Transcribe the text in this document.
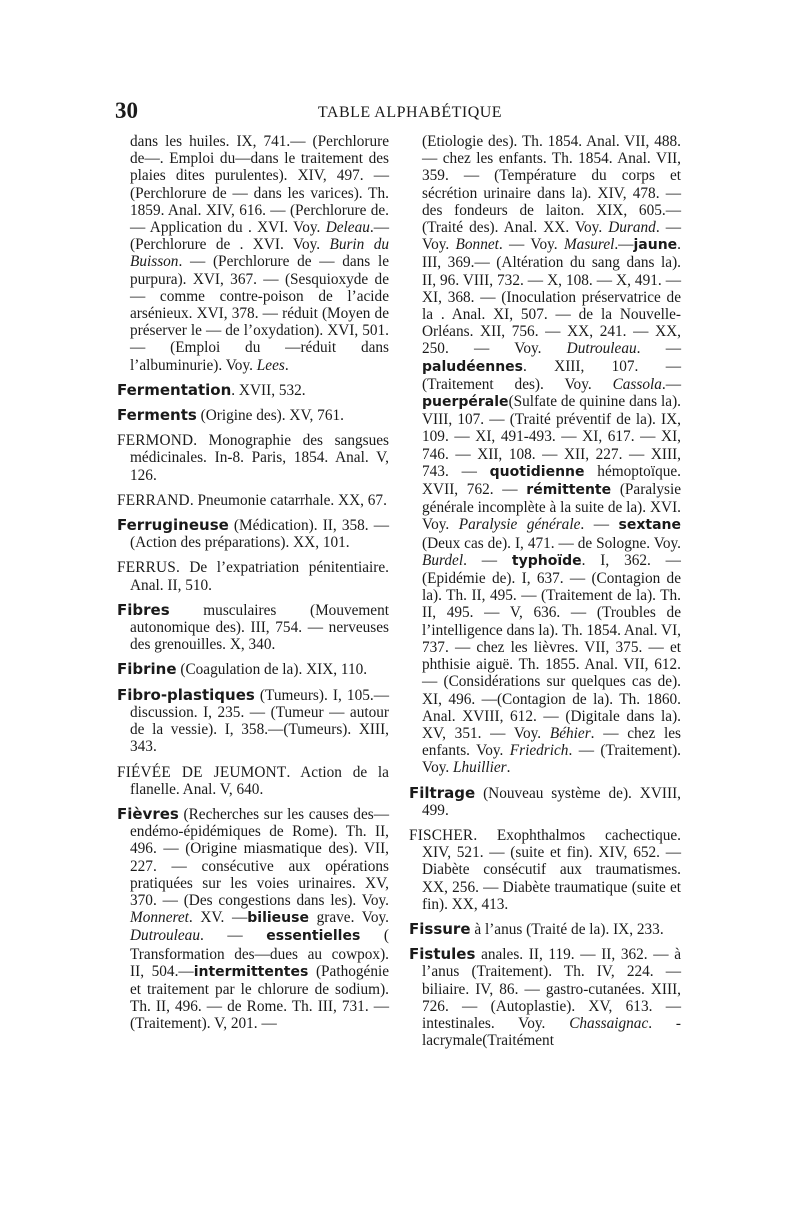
30	TABLE ALPHABÉTIQUE

dans les huiles. IX, 741.— (Perchlorure de—. Emploi du—dans le traitement des plaies dites purulentes). XIV, 497. — (Perchlorure de — dans les varices). Th. 1859. Anal. XIV, 616. — (Perchlorure de. — Application du . XVI. Voy. Deleau.—(Perchlorure de . XVI. Voy. Burin du Buisson. — (Perchlorure de — dans le purpura). XVI, 367. — (Sesquioxyde de — comme contre-poison de l’acide arsénieux. XVI, 378. — réduit (Moyen de préserver le — de l’oxydation). XVI, 501. — (Emploi du —réduit dans l’albuminurie). Voy. Lees.

Fermentation. XVII, 532.

Ferments (Origine des). XV, 761.

FERMOND. Monographie des sangsues médicinales. In-8. Paris, 1854. Anal. V, 126.

FERRAND. Pneumonie catarrhale. XX, 67.

Ferrugineuse (Médication). II, 358. —(Action des préparations). XX, 101.

FERRUS. De l’expatriation pénitentiaire. Anal. II, 510.

Fibres musculaires (Mouvement autonomique des). III, 754. — nerveuses des grenouilles. X, 340.

Fibrine (Coagulation de la). XIX, 110.

Fibro-plastiques (Tumeurs). I, 105.—discussion. I, 235. — (Tumeur — autour de la vessie). I, 358.—(Tumeurs). XIII, 343.

FIÉVÉE DE JEUMONT. Action de la flanelle. Anal. V, 640.

Fièvres (Recherches sur les causes des—endémo-épidémiques de Rome). Th. II, 496. — (Origine miasmatique des). VII, 227. — consécutive aux opérations pratiquées sur les voies urinaires. XV, 370. — (Des congestions dans les). Voy. Monneret. XV. —bilieuse grave. Voy. Dutrouleau. — essentielles ( Transformation des—dues au cowpox). II, 504.—intermittentes (Pathogénie et traitement par le chlorure de sodium). Th. II, 496. — de Rome. Th. III, 731. — (Traitement). V, 201. —

(Etiologie des). Th. 1854. Anal. VII, 488. — chez les enfants. Th. 1854. Anal. VII, 359. — (Température du corps et sécrétion urinaire dans la). XIV, 478. — des fondeurs de laiton. XIX, 605.—(Traité des). Anal. XX. Voy. Durand. — Voy. Bonnet. — Voy. Masurel.—jaune. III, 369.— (Altération du sang dans la). II, 96. VIII, 732. — X, 108. — X, 491. — XI, 368. — (Inoculation préservatrice de la . Anal. XI, 507. — de la Nouvelle-Orléans. XII, 756. — XX, 241. — XX, 250. — Voy. Dutrouleau. — paludéennes. XIII, 107. —(Traitement des). Voy. Cassola.—puerpérale(Sulfate de quinine dans la). VIII, 107. — (Traité préventif de la). IX, 109. — XI, 491-493. — XI, 617. — XI, 746. — XII, 108. — XII, 227. — XIII, 743. — quotidienne hémoptoïque. XVII, 762. — rémittente (Paralysie générale incomplète à la suite de la). XVI. Voy. Paralysie générale. — sextane (Deux cas de). I, 471. — de Sologne. Voy. Burdel. — typhoïde. I, 362. — (Epidémie de). I, 637. — (Contagion de la). Th. II, 495. — (Traitement de la). Th. II, 495. — V, 636. — (Troubles de l’intelligence dans la). Th. 1854. Anal. VI, 737. — chez les lièvres. VII, 375. — et phthisie aiguë. Th. 1855. Anal. VII, 612. — (Considérations sur quelques cas de). XI, 496. —(Contagion de la). Th. 1860. Anal. XVIII, 612. — (Digitale dans la). XV, 351. — Voy. Béhier. — chez les enfants. Voy. Friedrich. — (Traitement). Voy. Lhuillier.

Filtrage (Nouveau système de). XVIII, 499.

FISCHER. Exophthalmos cachectique. XIV, 521. — (suite et fin). XIV, 652. — Diabète consécutif aux traumatismes. XX, 256. — Diabète traumatique (suite et fin). XX, 413.

Fissure à l’anus (Traité de la). IX, 233.

Fistules anales. II, 119. — II, 362. — à l’anus (Traitement). Th. IV, 224. — biliaire. IV, 86. — gastro-cutanées. XIII, 726. — (Autoplastie). XV, 613. — intestinales. Voy. Chassaignac. - lacrymale(Traitément
